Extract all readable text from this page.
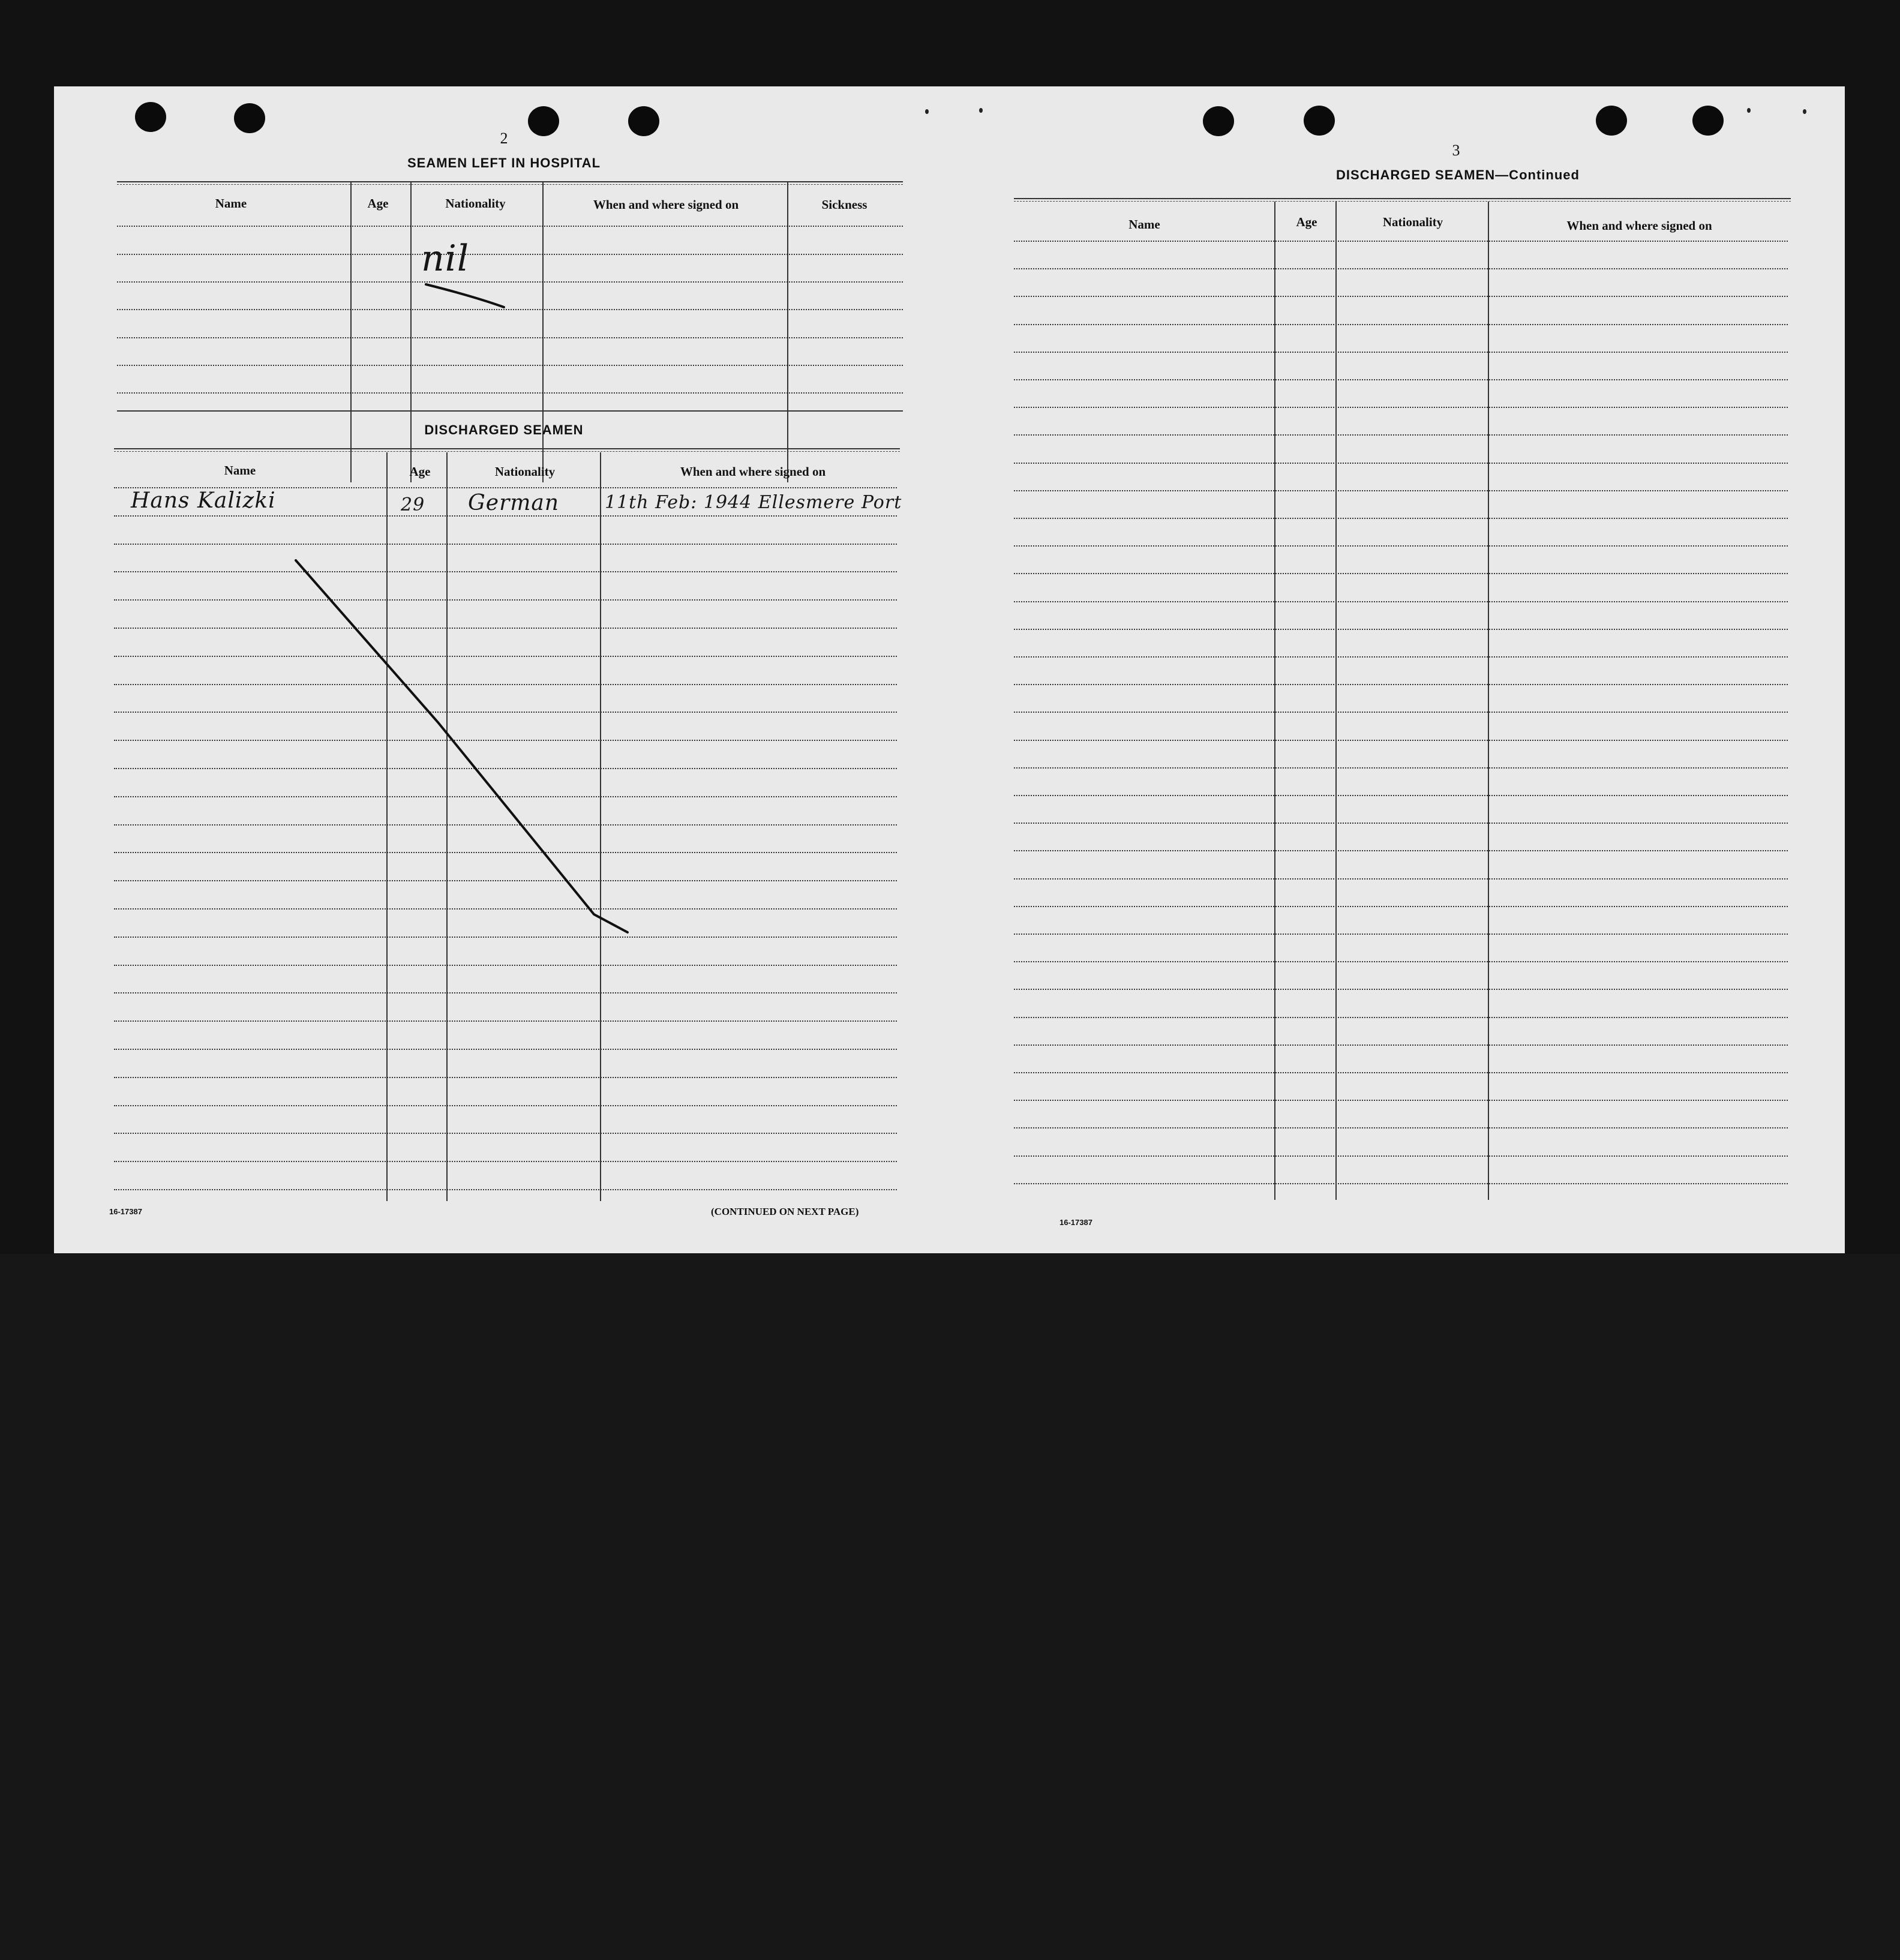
2
SEAMEN LEFT IN HOSPITAL
Name	Age	Nationality	When and where signed on	Sickness
nil
DISCHARGED SEAMEN
Name	Age	Nationality	When and where signed on
Hans Kalizki	29 German	11th Feb: 1944 Ellesmere Port
16-17387	(CONTINUED ON NEXT PAGE)
3
DISCHARGED SEAMEN—Continued
Name	Age	Nationality	When and where signed on
16-17387
